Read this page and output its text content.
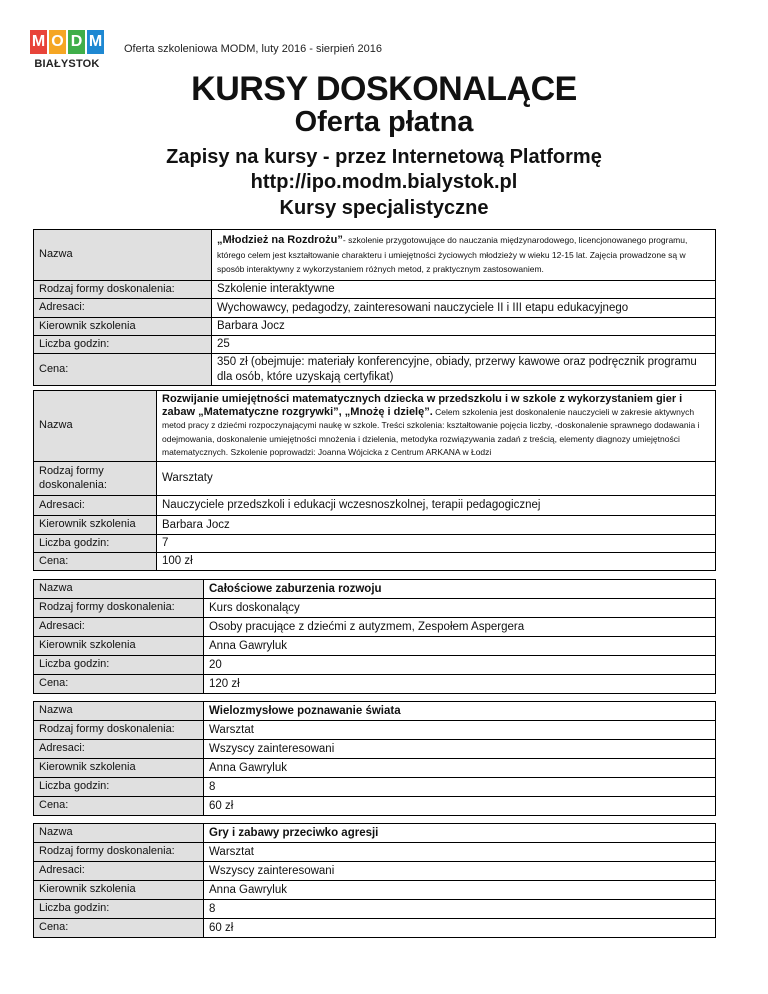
M O D M
BIAŁYSTOK
Oferta szkoleniowa MODM, luty 2016 - sierpień 2016
KURSY DOSKONALĄCE
Oferta płatna
Zapisy na kursy - przez Internetową Platformę
http://ipo.modm.bialystok.pl
Kursy specjalistyczne
Nazwa	„Młodzież na Rozdrożu”- szkolenie przygotowujące do nauczania międzynarodowego, licencjonowanego programu, którego celem jest kształtowanie charakteru i umiejętności życiowych młodzieży w wieku 12-15 lat. Zajęcia prowadzone są w sposób interaktywny z wykorzystaniem różnych metod, z praktycznym zastosowaniem.
Rodzaj formy doskonalenia:	Szkolenie interaktywne
Adresaci:	Wychowawcy, pedagodzy, zainteresowani nauczyciele II i III etapu edukacyjnego
Kierownik szkolenia	Barbara Jocz
Liczba godzin:	25
Cena:	350 zł (obejmuje: materiały konferencyjne, obiady, przerwy kawowe oraz podręcznik programu dla osób, które uzyskają certyfikat)
Nazwa	Rozwijanie umiejętności matematycznych dziecka w przedszkolu i w szkole z wykorzystaniem gier i zabaw „Matematyczne rozgrywki”, „Mnożę i dzielę”. Celem szkolenia jest doskonalenie nauczycieli w zakresie aktywnych metod pracy z dziećmi rozpoczynającymi naukę w szkole. Treści szkolenia: kształtowanie pojęcia liczby, -doskonalenie sprawnego dodawania i odejmowania, doskonalenie umiejętności mnożenia i dzielenia, metodyka rozwiązywania zadań z treścią, elementy diagnozy umiejętności matematycznych. Szkolenie poprowadzi: Joanna Wójcicka z Centrum ARKANA w Łodzi
Rodzaj formy doskonalenia:	Warsztaty
Adresaci:	Nauczyciele przedszkoli i edukacji wczesnoszkolnej, terapii pedagogicznej
Kierownik szkolenia	Barbara Jocz
Liczba godzin:	7
Cena:	100 zł
Nazwa	Całościowe zaburzenia rozwoju
Rodzaj formy doskonalenia:	Kurs doskonalący
Adresaci:	Osoby pracujące z dziećmi z autyzmem, Zespołem Aspergera
Kierownik szkolenia	Anna Gawryluk
Liczba godzin:	20
Cena:	120 zł
Nazwa	Wielozmysłowe poznawanie świata
Rodzaj formy doskonalenia:	Warsztat
Adresaci:	Wszyscy zainteresowani
Kierownik szkolenia	Anna Gawryluk
Liczba godzin:	8
Cena:	60 zł
Nazwa	Gry i zabawy przeciwko agresji
Rodzaj formy doskonalenia:	Warsztat
Adresaci:	Wszyscy zainteresowani
Kierownik szkolenia	Anna Gawryluk
Liczba godzin:	8
Cena:	60 zł
